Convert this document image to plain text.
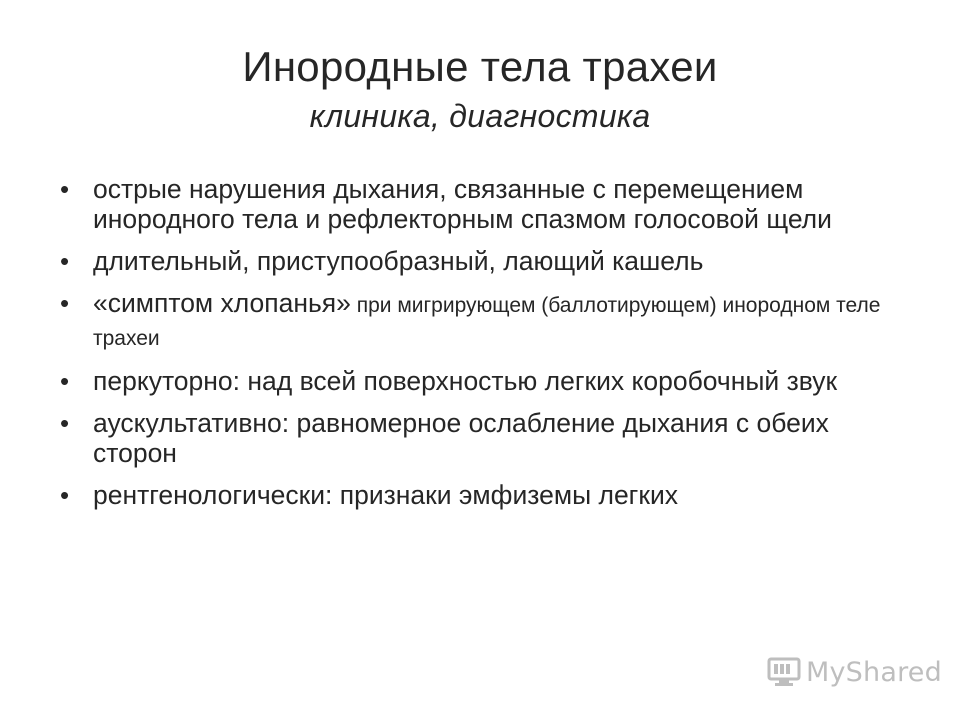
Инородные тела трахеи
клиника, диагностика
• острые нарушения дыхания, связанные с перемещением инородного тела и рефлекторным спазмом голосовой щели
• длительный, приступообразный, лающий кашель
• «симптом хлопанья» при мигрирующем (баллотирующем) инородном теле трахеи
• перкуторно: над всей поверхностью легких коробочный звук
• аускультативно: равномерное ослабление дыхания с обеих сторон
• рентгенологически: признаки эмфиземы легких
MyShared
